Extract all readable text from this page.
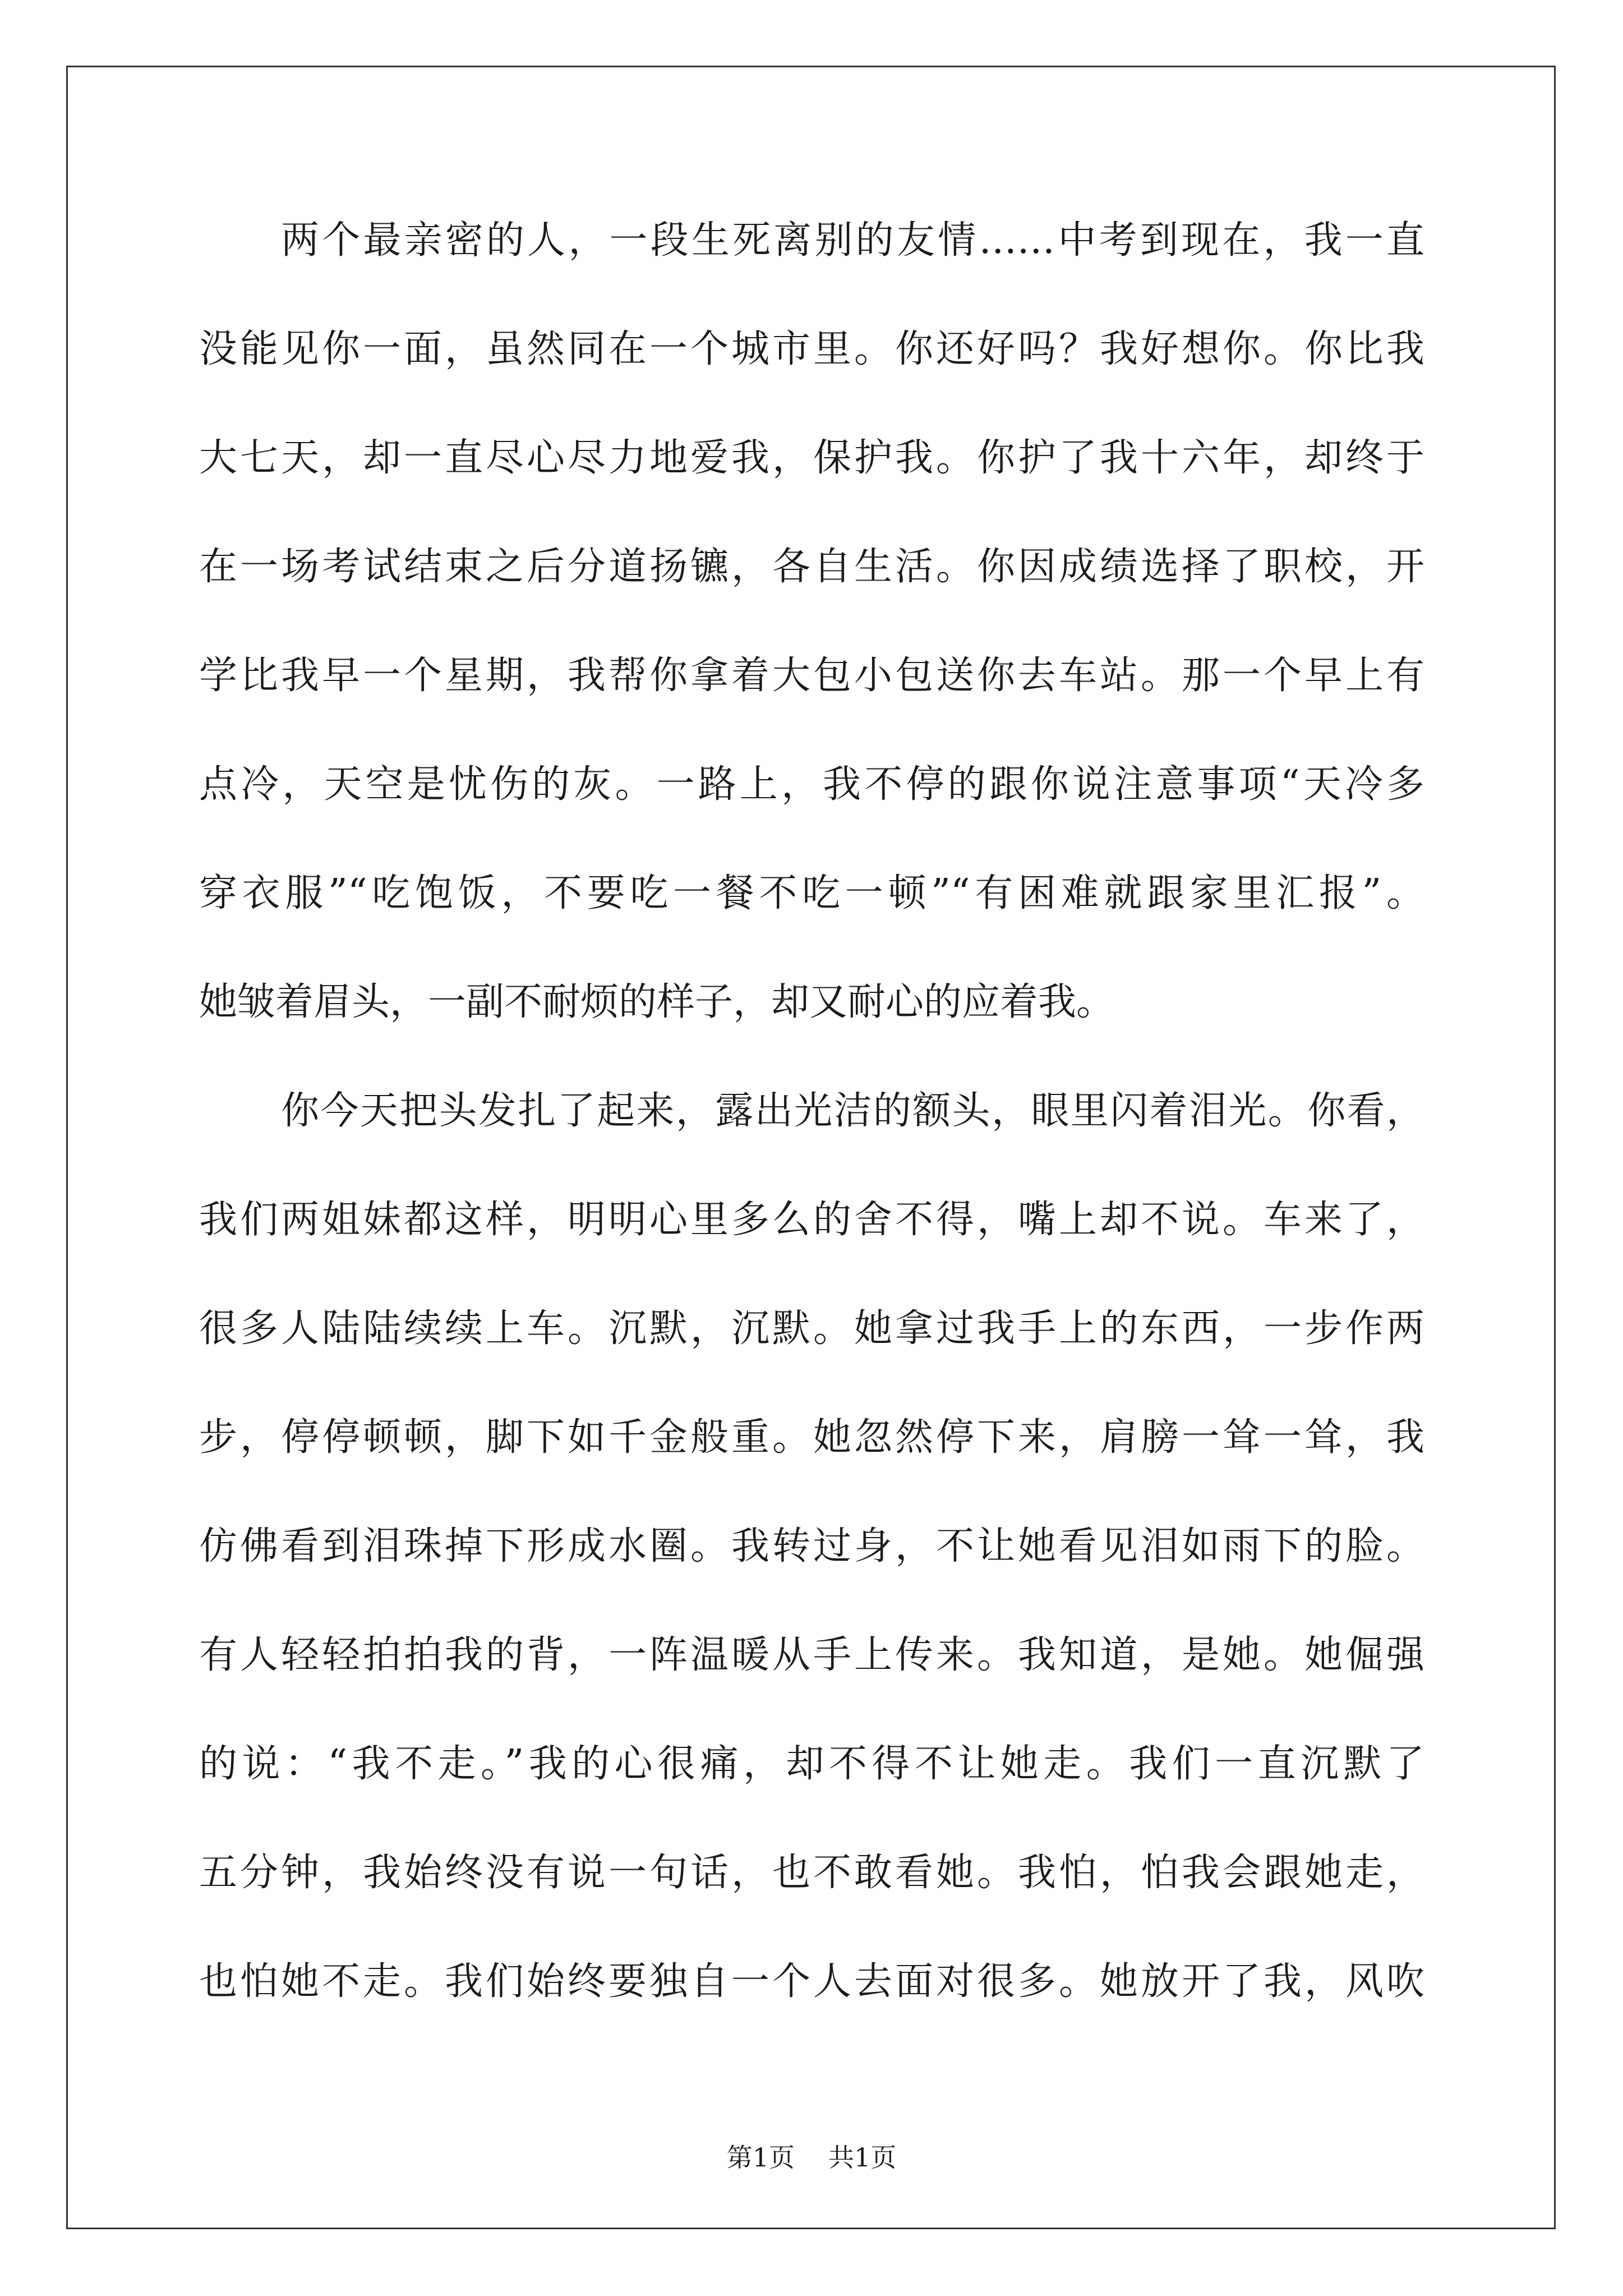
两个最亲密的人，一段生死离别的友情……中考到现在，我一直
没能见你一面，虽然同在一个城市里。你还好吗？我好想你。你比我
大七天，却一直尽心尽力地爱我，保护我。你护了我十六年，却终于
在一场考试结束之后分道扬镳，各自生活。你因成绩选择了职校，开
学比我早一个星期，我帮你拿着大包小包送你去车站。那一个早上有
点冷，天空是忧伤的灰。一路上，我不停的跟你说注意事项“天冷多
穿衣服”“吃饱饭，不要吃一餐不吃一顿”“有困难就跟家里汇报”。
她皱着眉头，一副不耐烦的样子，却又耐心的应着我。
你今天把头发扎了起来，露出光洁的额头，眼里闪着泪光。你看，
我们两姐妹都这样，明明心里多么的舍不得，嘴上却不说。车来了，
很多人陆陆续续上车。沉默，沉默。她拿过我手上的东西，一步作两
步，停停顿顿，脚下如千金般重。她忽然停下来，肩膀一耸一耸，我
仿佛看到泪珠掉下形成水圈。我转过身，不让她看见泪如雨下的脸。
有人轻轻拍拍我的背，一阵温暖从手上传来。我知道，是她。她倔强
的说：“我不走。”我的心很痛，却不得不让她走。我们一直沉默了
五分钟，我始终没有说一句话，也不敢看她。我怕，怕我会跟她走，
也怕她不走。我们始终要独自一个人去面对很多。她放开了我，风吹
第1页 共1页
